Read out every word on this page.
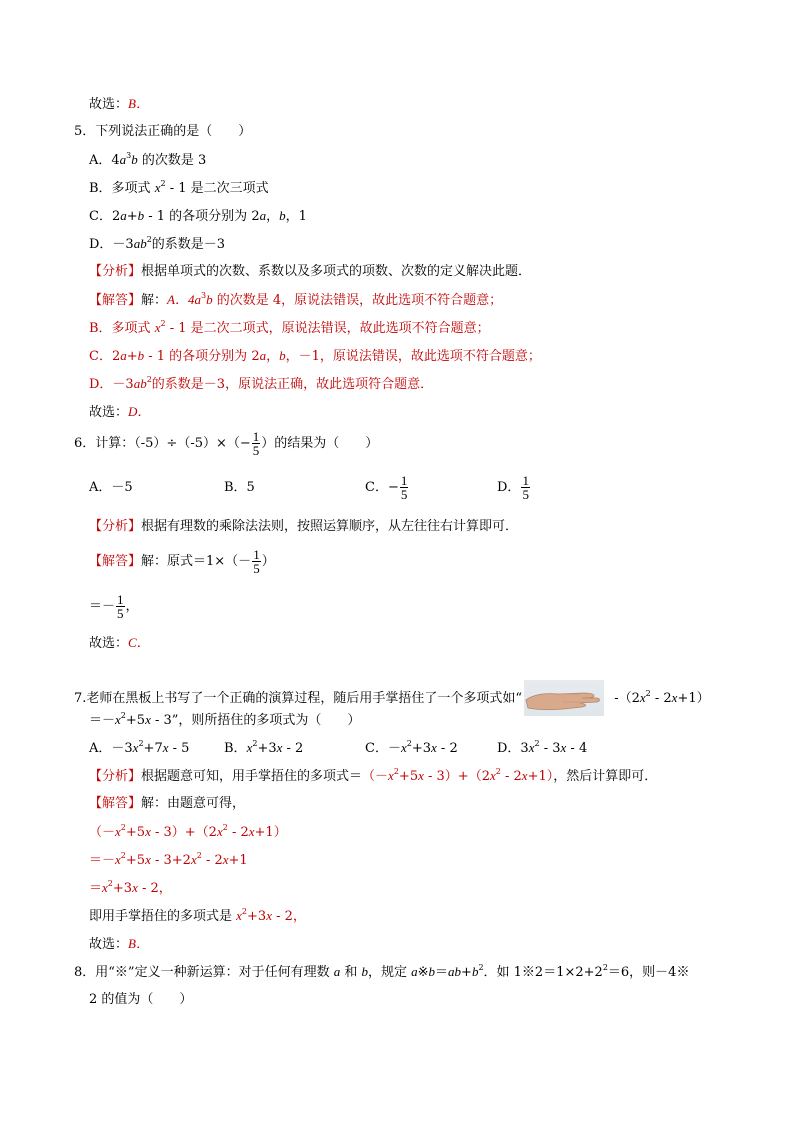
故选：B．
5．下列说法正确的是（　　）
A．$4a^3b$ 的次数是 3
B．多项式 $x^2 - 1$ 是二次三项式
C．2a+b - 1 的各项分别为 2a，b，1
D．$-3ab^2$的系数是－3
【分析】根据单项式的次数、系数以及多项式的项数、次数的定义解决此题．
【解答】解：A．$4a^3b$ 的次数是 4，原说法错误，故此选项不符合题意；
B．多项式 $x^2 - 1$ 是二次二项式，原说法错误，故此选项不符合题意；
C．2a+b - 1 的各项分别为 2a，b，－1，原说法错误，故此选项不符合题意；
D．$-3ab^2$的系数是－3，原说法正确，故此选项符合题意．
故选：D．
6．计算：$(-5)\div(-5)\times(- \frac{1}{5}$ ）的结果为（　　）
A．－5	B．5	C．− $\frac{1}{5}$	D． $\frac{1}{5}$
【分析】根据有理数的乘除法法则，按照运算顺序，从左往往右计算即可．
【解答】解：原式$=1\times(- \frac{1}{5}$ ）
＝－ $\frac{1}{5}$ ，
故选：C．
7.老师在黑板上书写了一个正确的演算过程，随后用手掌捂住了一个多项式如“	$-(2x^2 - 2x+1)$
$=-x^2+5x - 3$”，则所捂住的多项式为（　　）
A．$-3x^2+7x - 5$	B．$x^2+3x - 2$	C．$-x^2+3x - 2$	D．$3x^2 - 3x - 4$
【分析】根据题意可知，用手掌捂住的多项式$=(-x^2+5x - 3)+(2x^2 - 2x+1)$，然后计算即可．
【解答】解：由题意可得，
$(-x^2+5x - 3)+(2x^2 - 2x+1)$
$=-x^2+5x - 3+2x^2 - 2x+1$
$=x^2+3x - 2$，
即用手掌捂住的多项式是 $x^2+3x - 2$，
故选：B．
8．用“※”定义一种新运算：对于任何有理数 a 和 b，规定 $a※b=ab+b^2$．如 $1※2=1\times 2+2^2=6$，则－4※
2 的值为（　　）
